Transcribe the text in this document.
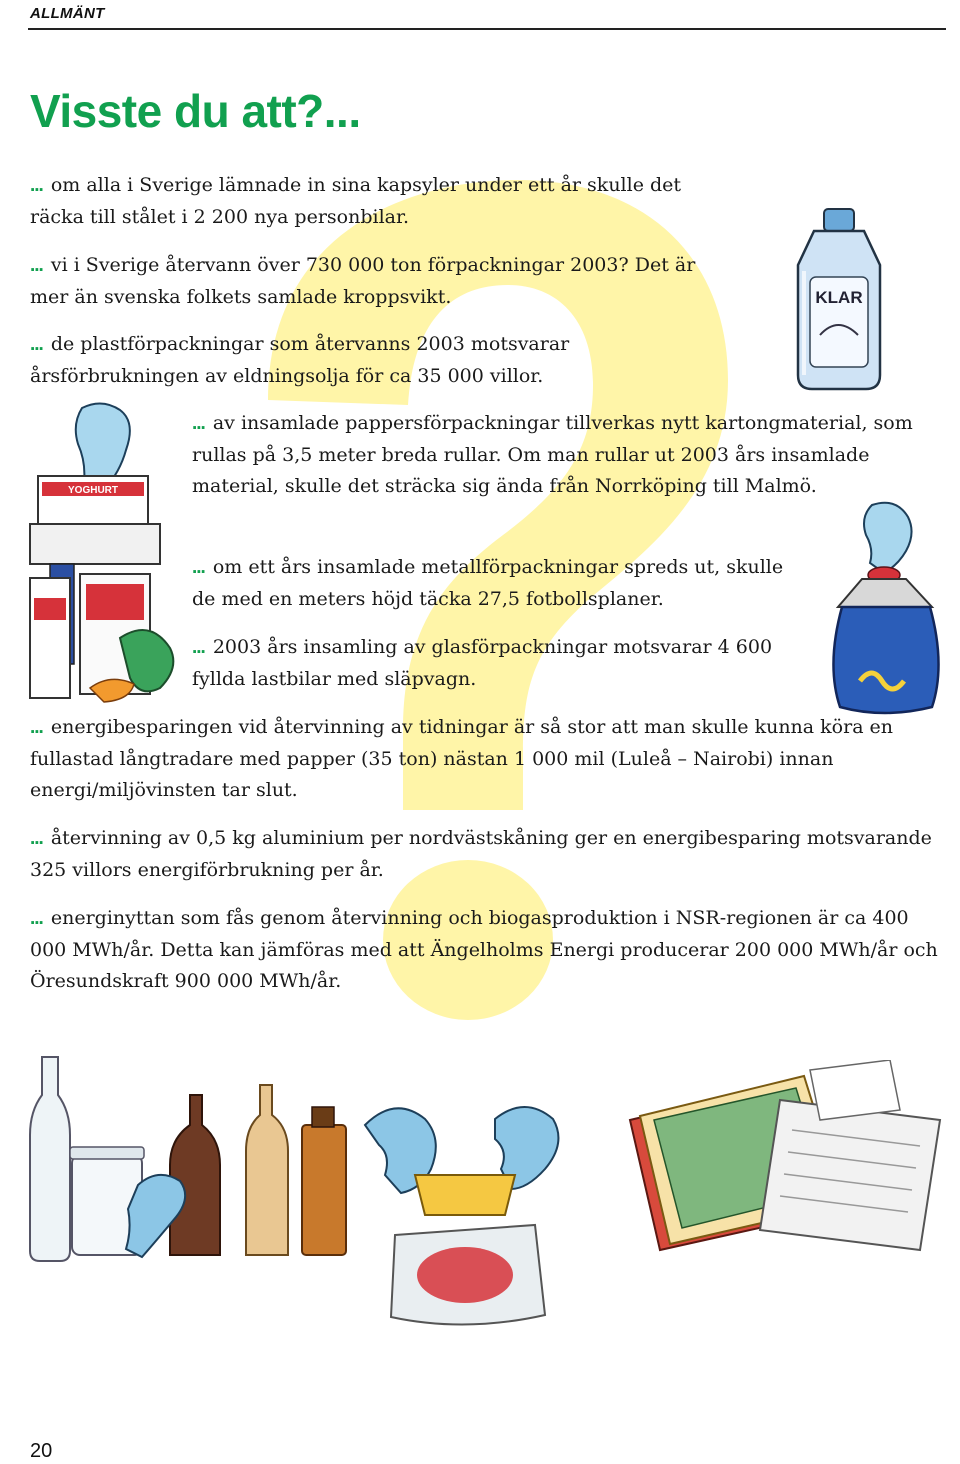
ALLMÄNT
Visste du att?...

... om alla i Sverige lämnade in sina kapsyler under ett år skulle det räcka till stålet i 2 200 nya personbilar.

... vi i Sverige återvann över 730 000 ton förpackningar 2003? Det är mer än svenska folkets samlade kroppsvikt.

... de plastförpackningar som återvanns 2003 motsvarar årsförbrukningen av eldningsolja för ca 35 000 villor.

... av insamlade pappersförpackningar tillverkas nytt kartongmaterial, som rullas på 3,5 meter breda rullar. Om man rullar ut 2003 års insamlade material, skulle det sträcka sig ända från Norrköping till Malmö.

... om ett års insamlade metallförpackningar spreds ut, skulle de med en meters höjd täcka 27,5 fotbollsplaner.

... 2003 års insamling av glasförpackningar motsvarar 4 600 fyllda lastbilar med släpvagn.

... energibesparingen vid återvinning av tidningar är så stor att man skulle kunna köra en fullastad långtradare med papper (35 ton) nästan 1 000 mil (Luleå – Nairobi) innan energi/miljövinsten tar slut.

... återvinning av 0,5 kg aluminium per nordvästskåning ger en energibesparing motsvarande 325 villors energiförbrukning per år.

... energinyttan som fås genom återvinning och biogasproduktion i NSR-regionen är ca 400 000 MWh/år. Detta kan jämföras med att Ängelholms Energi producerar 200 000 MWh/år och Öresundskraft 900 000 MWh/år.

KLAR
YOGHURT
20
